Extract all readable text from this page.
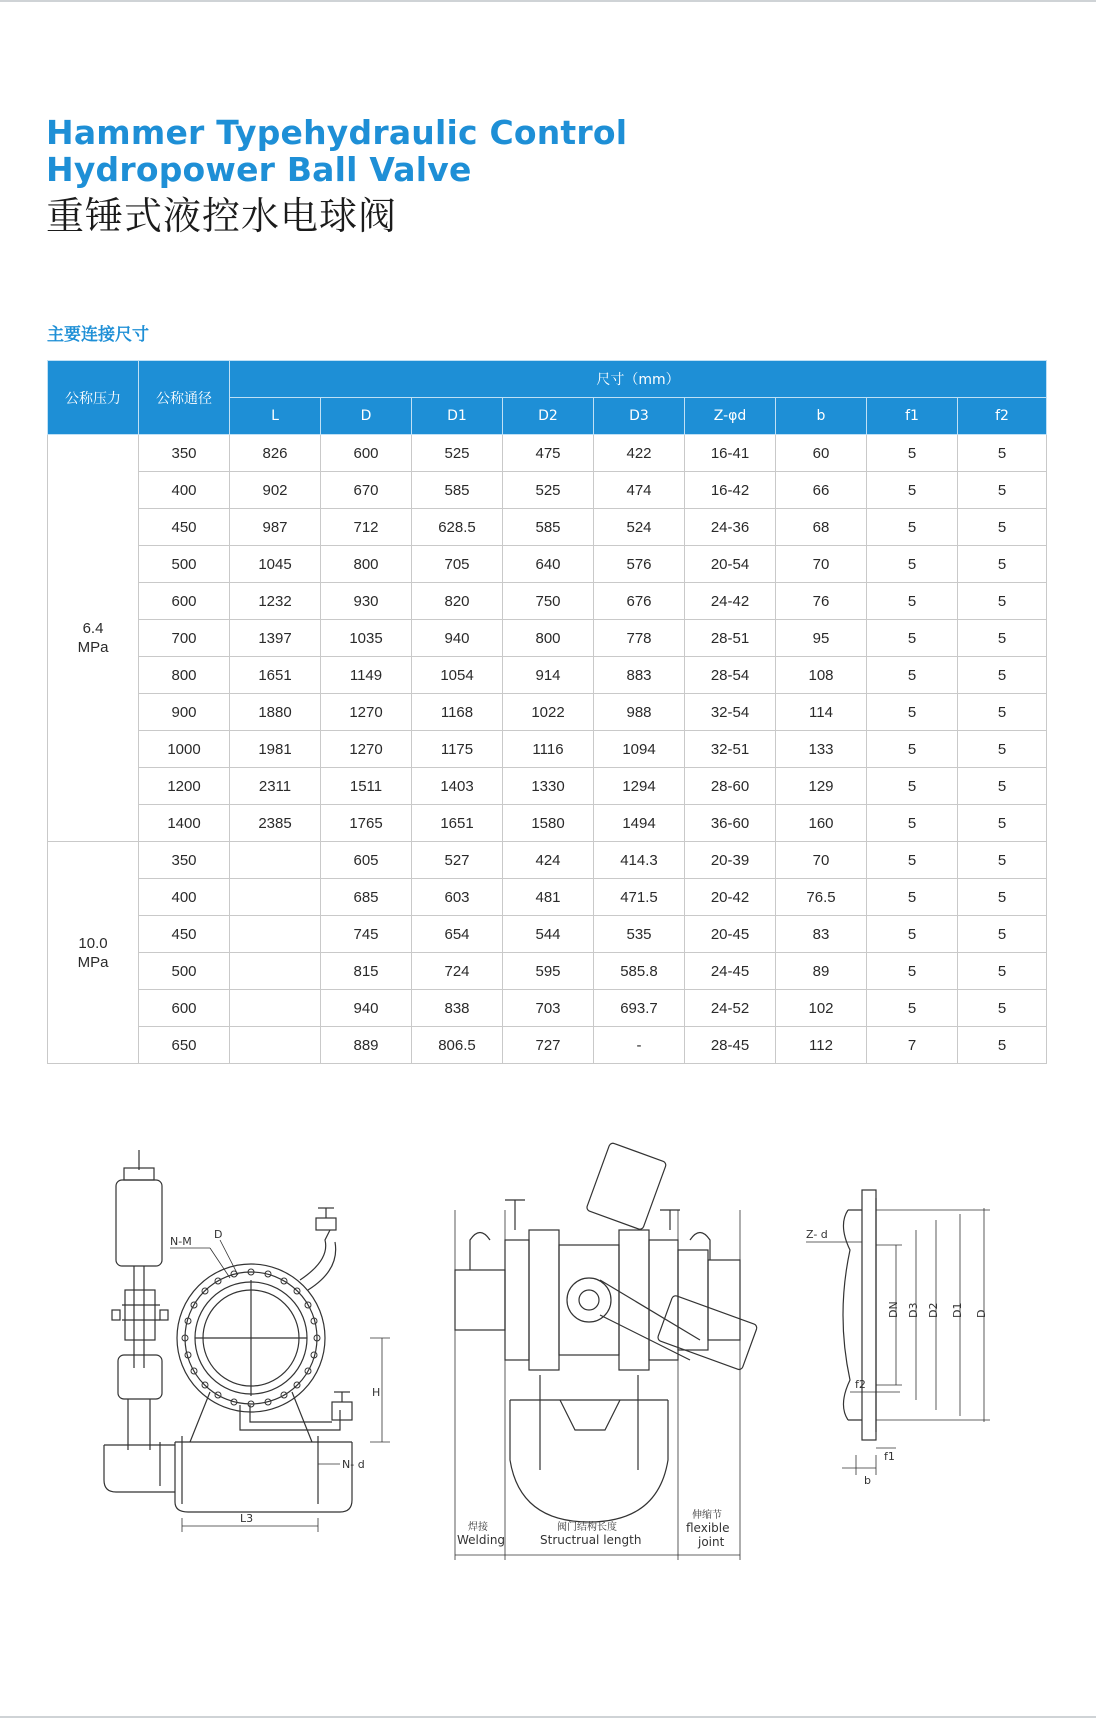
Hammer Typehydraulic Control
Hydropower Ball Valve
重锤式液控水电球阀
主要连接尺寸
公称压力	公称通径	尺寸（mm）								
		L	D	D1	D2	D3	Z-φd	b	f1	f2

6.4
MPa	350	826	600	525	475	422	16-41	60	5	5
	400	902	670	585	525	474	16-42	66	5	5
	450	987	712	628.5	585	524	24-36	68	5	5
	500	1045	800	705	640	576	20-54	70	5	5
	600	1232	930	820	750	676	24-42	76	5	5
	700	1397	1035	940	800	778	28-51	95	5	5
	800	1651	1149	1054	914	883	28-54	108	5	5
	900	1880	1270	1168	1022	988	32-54	114	5	5
	1000	1981	1270	1175	1116	1094	32-51	133	5	5
	1200	2311	1511	1403	1330	1294	28-60	129	5	5
	1400	2385	1765	1651	1580	1494	36-60	160	5	5

10.0
MPa	350		605	527	424	414.3	20-39	70	5	5
	400		685	603	481	471.5	20-42	76.5	5	5
	450		745	654	544	535	20-45	83	5	5
	500		815	724	595	585.8	24-45	89	5	5
	600		940	838	703	693.7	24-52	102	5	5
	650		889	806.5	727	-	28-45	112	7	5
N-M
D
H
N- d
L3
焊接
Welding
阀门结构长度
Structrual length
伸缩节
flexible
joint
Z- d
f2
f1
b
DN D3 D2 D1 D
